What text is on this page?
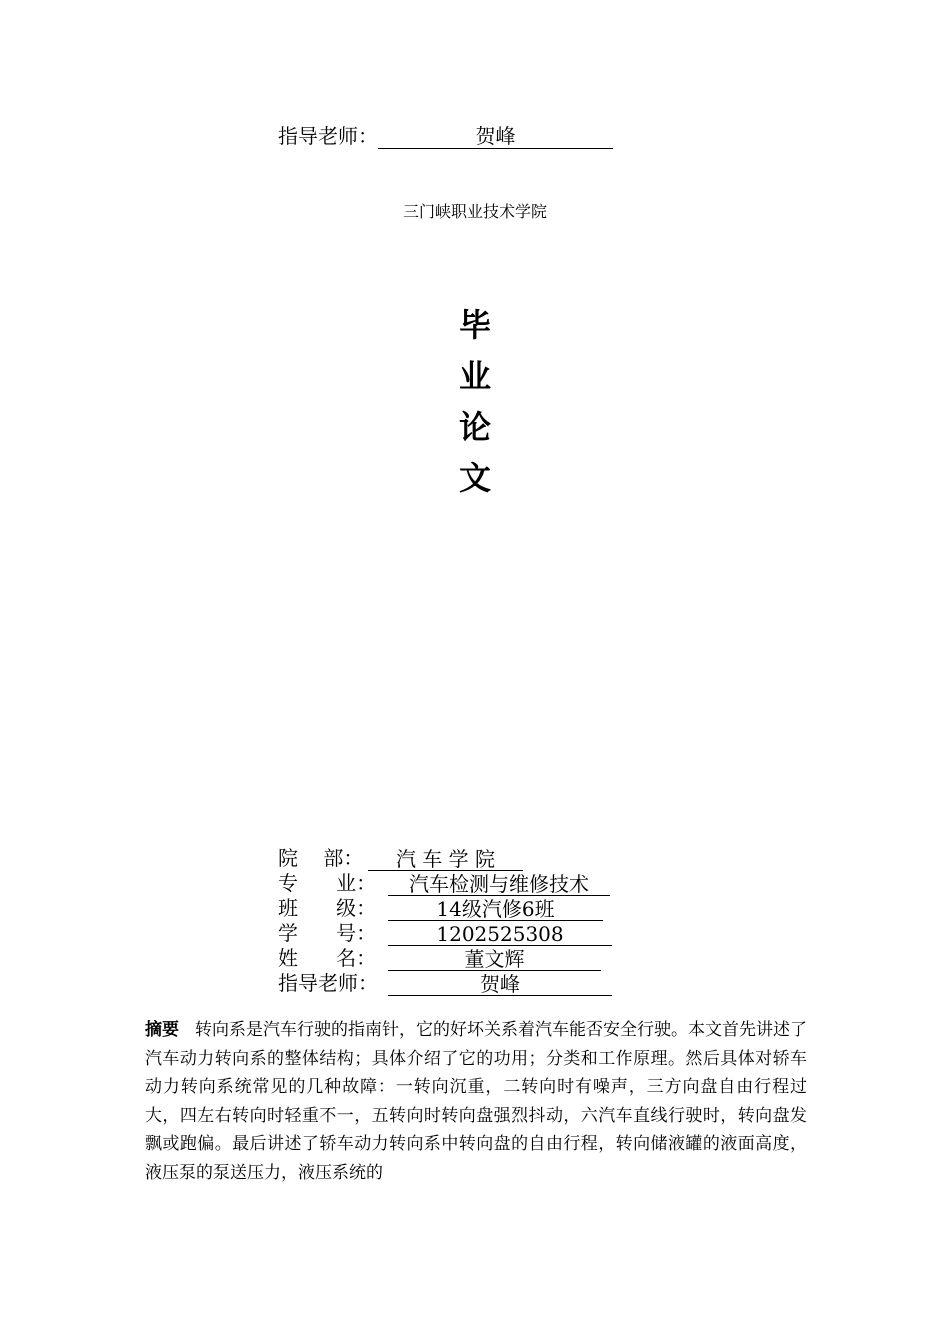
指导老师：	贺峰
三门峡职业技术学院
毕
业
论
文
院    部：	汽 车 学 院
专      业：	汽车检测与维修技术
班      级：	14级汽修6班
学      号：	1202525308
姓      名：	董文辉
指导老师：	贺峰
摘要 转向系是汽车行驶的指南针，它的好坏关系着汽车能否安全行驶。本文首先讲述了汽车动力转向系的整体结构；具体介绍了它的功用；分类和工作原理。然后具体对轿车动力转向系统常见的几种故障：一转向沉重，二转向时有噪声，三方向盘自由行程过大，四左右转向时轻重不一，五转向时转向盘强烈抖动，六汽车直线行驶时，转向盘发飘或跑偏。最后讲述了轿车动力转向系中转向盘的自由行程，转向储液罐的液面高度，液压泵的泵送压力，液压系统的
